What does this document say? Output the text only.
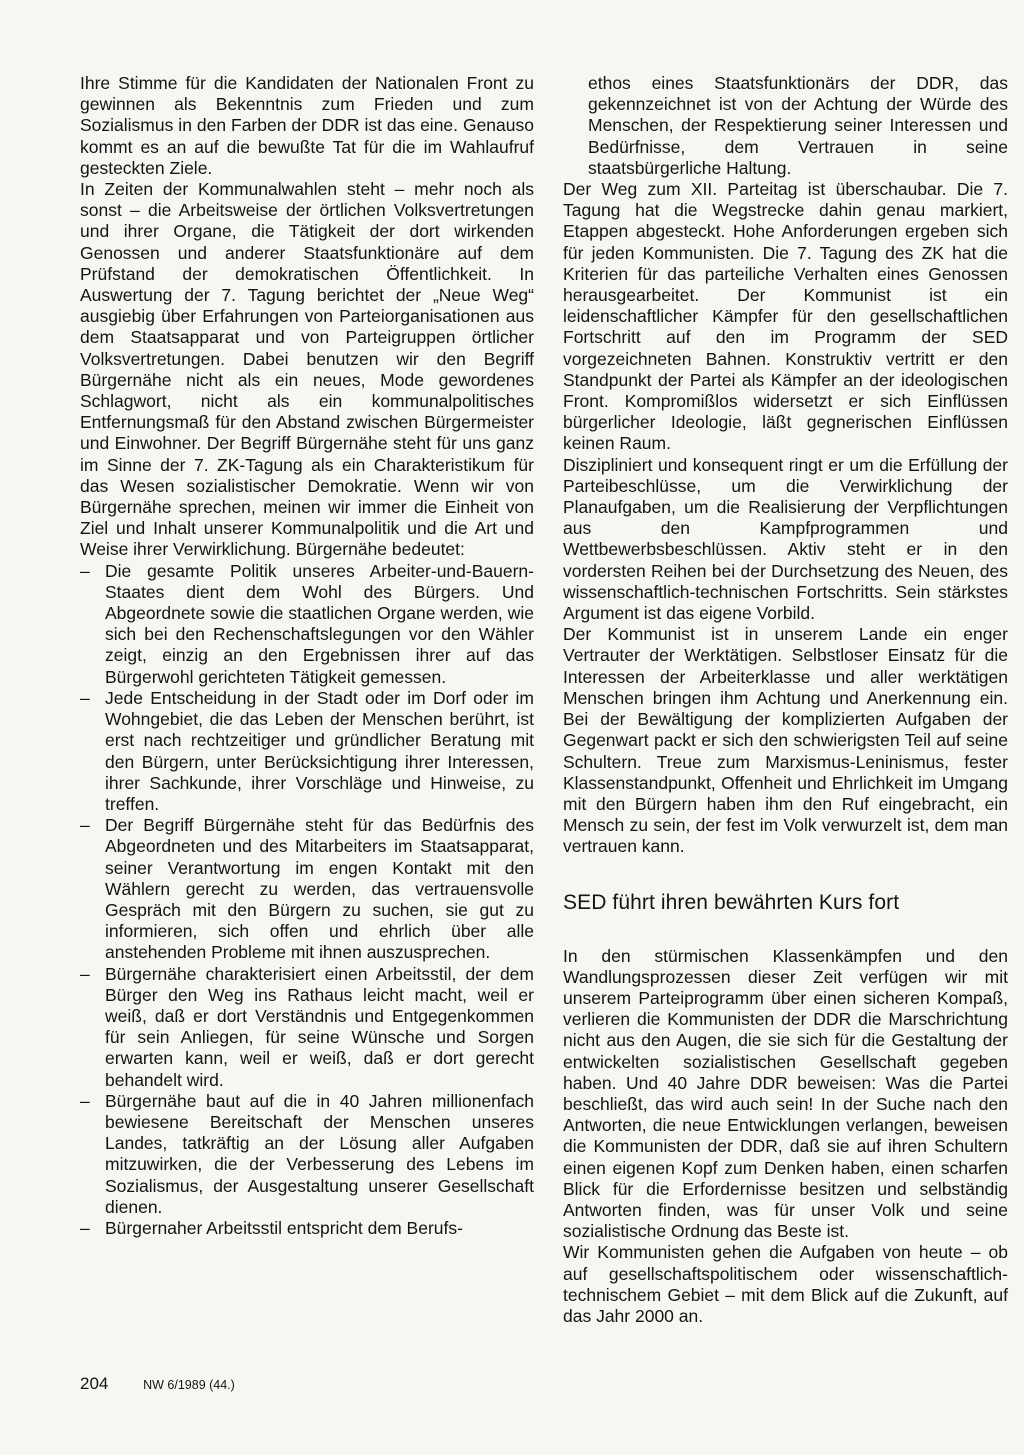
Ihre Stimme für die Kandidaten der Nationalen Front zu gewinnen als Bekenntnis zum Frieden und zum Sozialismus in den Farben der DDR ist das eine. Genauso kommt es an auf die bewußte Tat für die im Wahlaufruf gesteckten Ziele.

In Zeiten der Kommunalwahlen steht – mehr noch als sonst – die Arbeitsweise der örtlichen Volksvertretungen und ihrer Organe, die Tätigkeit der dort wirkenden Genossen und anderer Staatsfunktionäre auf dem Prüfstand der demokratischen Öffentlichkeit. In Auswertung der 7. Tagung berichtet der „Neue Weg“ ausgiebig über Erfahrungen von Parteiorganisationen aus dem Staatsapparat und von Parteigruppen örtlicher Volksvertretungen. Dabei benutzen wir den Begriff Bürgernähe nicht als ein neues, Mode gewordenes Schlagwort, nicht als ein kommunalpolitisches Entfernungsmaß für den Abstand zwischen Bürgermeister und Einwohner. Der Begriff Bürgernähe steht für uns ganz im Sinne der 7. ZK-Tagung als ein Charakteristikum für das Wesen sozialistischer Demokratie. Wenn wir von Bürgernähe sprechen, meinen wir immer die Einheit von Ziel und Inhalt unserer Kommunalpolitik und die Art und Weise ihrer Verwirklichung. Bürgernähe bedeutet:

– Die gesamte Politik unseres Arbeiter-und-Bauern-Staates dient dem Wohl des Bürgers. Und Abgeordnete sowie die staatlichen Organe werden, wie sich bei den Rechenschaftslegungen vor den Wähler zeigt, einzig an den Ergebnissen ihrer auf das Bürgerwohl gerichteten Tätigkeit gemessen.
– Jede Entscheidung in der Stadt oder im Dorf oder im Wohngebiet, die das Leben der Menschen berührt, ist erst nach rechtzeitiger und gründlicher Beratung mit den Bürgern, unter Berücksichtigung ihrer Interessen, ihrer Sachkunde, ihrer Vorschläge und Hinweise, zu treffen.
– Der Begriff Bürgernähe steht für das Bedürfnis des Abgeordneten und des Mitarbeiters im Staatsapparat, seiner Verantwortung im engen Kontakt mit den Wählern gerecht zu werden, das vertrauensvolle Gespräch mit den Bürgern zu suchen, sie gut zu informieren, sich offen und ehrlich über alle anstehenden Probleme mit ihnen auszusprechen.
– Bürgernähe charakterisiert einen Arbeitsstil, der dem Bürger den Weg ins Rathaus leicht macht, weil er weiß, daß er dort Verständnis und Entgegenkommen für sein Anliegen, für seine Wünsche und Sorgen erwarten kann, weil er weiß, daß er dort gerecht behandelt wird.
– Bürgernähe baut auf die in 40 Jahren millionenfach bewiesene Bereitschaft der Menschen unseres Landes, tatkräftig an der Lösung aller Aufgaben mitzuwirken, die der Verbesserung des Lebens im Sozialismus, der Ausgestaltung unserer Gesellschaft dienen.
– Bürgernaher Arbeitsstil entspricht dem Berufs-

ethos eines Staatsfunktionärs der DDR, das gekennzeichnet ist von der Achtung der Würde des Menschen, der Respektierung seiner Interessen und Bedürfnisse, dem Vertrauen in seine staatsbürgerliche Haltung.

Der Weg zum XII. Parteitag ist überschaubar. Die 7. Tagung hat die Wegstrecke dahin genau markiert, Etappen abgesteckt. Hohe Anforderungen ergeben sich für jeden Kommunisten. Die 7. Tagung des ZK hat die Kriterien für das parteiliche Verhalten eines Genossen herausgearbeitet. Der Kommunist ist ein leidenschaftlicher Kämpfer für den gesellschaftlichen Fortschritt auf den im Programm der SED vorgezeichneten Bahnen. Konstruktiv vertritt er den Standpunkt der Partei als Kämpfer an der ideologischen Front. Kompromißlos widersetzt er sich Einflüssen bürgerlicher Ideologie, läßt gegnerischen Einflüssen keinen Raum.

Diszipliniert und konsequent ringt er um die Erfüllung der Parteibeschlüsse, um die Verwirklichung der Planaufgaben, um die Realisierung der Verpflichtungen aus den Kampfprogrammen und Wettbewerbsbeschlüssen. Aktiv steht er in den vordersten Reihen bei der Durchsetzung des Neuen, des wissenschaftlich-technischen Fortschritts. Sein stärkstes Argument ist das eigene Vorbild.

Der Kommunist ist in unserem Lande ein enger Vertrauter der Werktätigen. Selbstloser Einsatz für die Interessen der Arbeiterklasse und aller werktätigen Menschen bringen ihm Achtung und Anerkennung ein. Bei der Bewältigung der komplizierten Aufgaben der Gegenwart packt er sich den schwierigsten Teil auf seine Schultern. Treue zum Marxismus-Leninismus, fester Klassenstandpunkt, Offenheit und Ehrlichkeit im Umgang mit den Bürgern haben ihm den Ruf eingebracht, ein Mensch zu sein, der fest im Volk verwurzelt ist, dem man vertrauen kann.

SED führt ihren bewährten Kurs fort

In den stürmischen Klassenkämpfen und den Wandlungsprozessen dieser Zeit verfügen wir mit unserem Parteiprogramm über einen sicheren Kompaß, verlieren die Kommunisten der DDR die Marschrichtung nicht aus den Augen, die sie sich für die Gestaltung der entwickelten sozialistischen Gesellschaft gegeben haben. Und 40 Jahre DDR beweisen: Was die Partei beschließt, das wird auch sein! In der Suche nach den Antworten, die neue Entwicklungen verlangen, beweisen die Kommunisten der DDR, daß sie auf ihren Schultern einen eigenen Kopf zum Denken haben, einen scharfen Blick für die Erfordernisse besitzen und selbständig Antworten finden, was für unser Volk und seine sozialistische Ordnung das Beste ist.

Wir Kommunisten gehen die Aufgaben von heute – ob auf gesellschaftspolitischem oder wissenschaftlich-technischem Gebiet – mit dem Blick auf die Zukunft, auf das Jahr 2000 an.

204	NW 6/1989 (44.)
